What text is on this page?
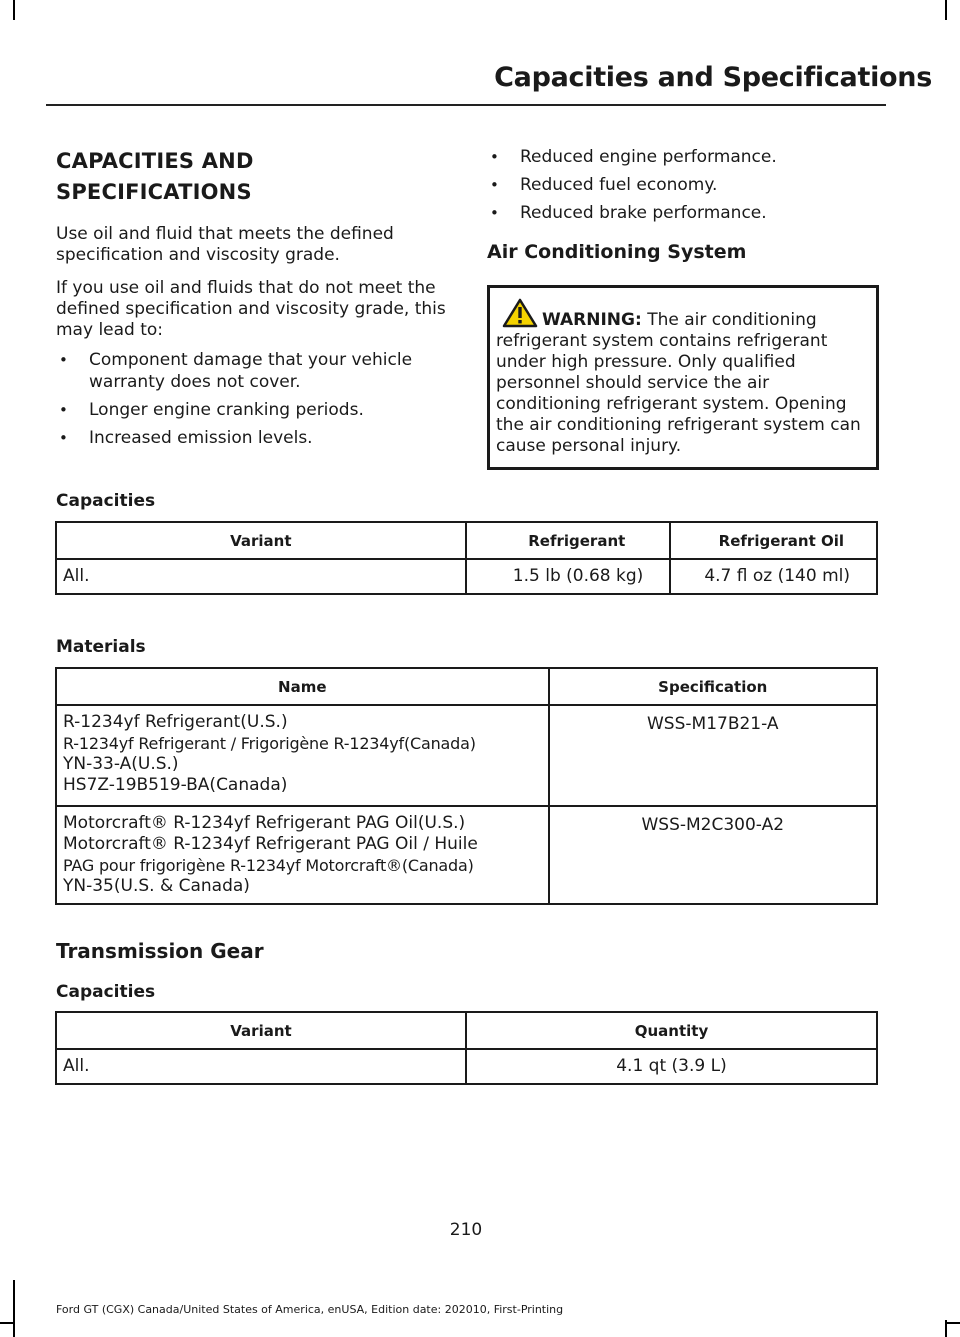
Capacities and Specifications
CAPACITIES AND
SPECIFICATIONS

Use oil and fluid that meets the defined specification and viscosity grade.

If you use oil and fluids that do not meet the defined specification and viscosity grade, this may lead to:

• Component damage that your vehicle warranty does not cover.
• Longer engine cranking periods.
• Increased emission levels.
• Reduced engine performance.
• Reduced fuel economy.
• Reduced brake performance.
Air Conditioning System
WARNING: The air conditioning refrigerant system contains refrigerant under high pressure. Only qualified personnel should service the air conditioning refrigerant system. Opening the air conditioning refrigerant system can cause personal injury.
Capacities
Variant	Refrigerant	Refrigerant Oil
All.	1.5 lb (0.68 kg)	4.7 fl oz (140 ml)
Materials
Name	Specification

R-1234yf Refrigerant(U.S.)
R-1234yf Refrigerant / Frigorigène R-1234yf(Canada)
YN-33-A(U.S.)
HS7Z-19B519-BA(Canada)	WSS-M17B21-A

Motorcraft® R-1234yf Refrigerant PAG Oil(U.S.)
Motorcraft® R-1234yf Refrigerant PAG Oil / Huile
PAG pour frigorigène R-1234yf Motorcraft®(Canada)
YN-35(U.S. & Canada)	WSS-M2C300-A2
Transmission Gear
Capacities
Variant	Quantity
All.	4.1 qt (3.9 L)
210
Ford GT (CGX) Canada/United States of America, enUSA, Edition date: 202010, First-Printing
